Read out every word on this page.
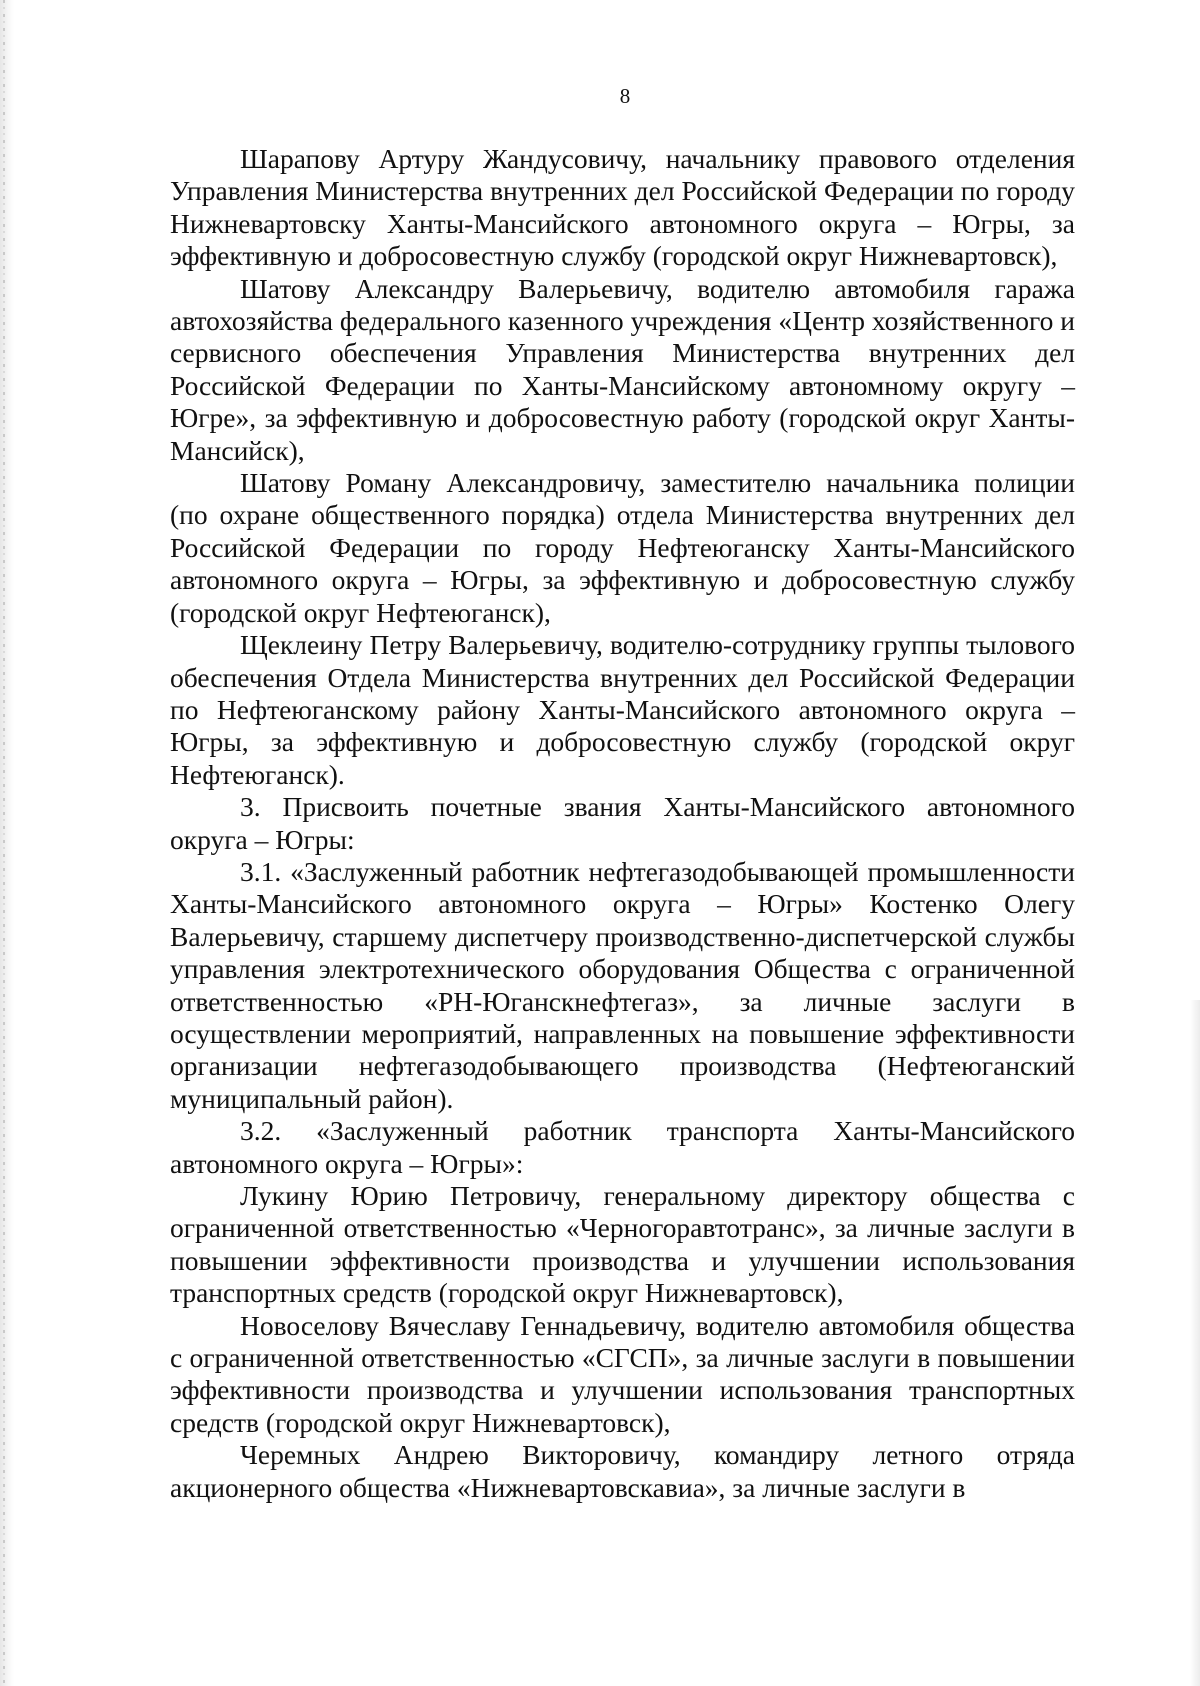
8

Шарапову Артуру Жандусовичу, начальнику правового отделения Управления Министерства внутренних дел Российской Федерации по городу Нижневартовску Ханты-Мансийского автономного округа – Югры, за эффективную и добросовестную службу (городской округ Нижневартовск),

Шатову Александру Валерьевичу, водителю автомобиля гаража автохозяйства федерального казенного учреждения «Центр хозяйственного и сервисного обеспечения Управления Министерства внутренних дел Российской Федерации по Ханты-Мансийскому автономному округу – Югре», за эффективную и добросовестную работу (городской округ Ханты-Мансийск),

Шатову Роману Александровичу, заместителю начальника полиции (по охране общественного порядка) отдела Министерства внутренних дел Российской Федерации по городу Нефтеюганску Ханты-Мансийского автономного округа – Югры, за эффективную и добросовестную службу (городской округ Нефтеюганск),

Щеклеину Петру Валерьевичу, водителю-сотруднику группы тылового обеспечения Отдела Министерства внутренних дел Российской Федерации по Нефтеюганскому району Ханты-Мансийского автономного округа – Югры, за эффективную и добросовестную службу (городской округ Нефтеюганск).

3. Присвоить почетные звания Ханты-Мансийского автономного округа – Югры:

3.1. «Заслуженный работник нефтегазодобывающей промышленности Ханты-Мансийского автономного округа – Югры» Костенко Олегу Валерьевичу, старшему диспетчеру производственно-диспетчерской службы управления электротехнического оборудования Общества с ограниченной ответственностью «РН-Юганскнефтегаз», за личные заслуги в осуществлении мероприятий, направленных на повышение эффективности организации нефтегазодобывающего производства (Нефтеюганский муниципальный район).

3.2. «Заслуженный работник транспорта Ханты-Мансийского автономного округа – Югры»:

Лукину Юрию Петровичу, генеральному директору общества с ограниченной ответственностью «Черногоравтотранс», за личные заслуги в повышении эффективности производства и улучшении использования транспортных средств (городской округ Нижневартовск),

Новоселову Вячеславу Геннадьевичу, водителю автомобиля общества с ограниченной ответственностью «СГСП», за личные заслуги в повышении эффективности производства и улучшении использования транспортных средств (городской округ Нижневартовск),

Черемных Андрею Викторовичу, командиру летного отряда акционерного общества «Нижневартовскавиа», за личные заслуги в
